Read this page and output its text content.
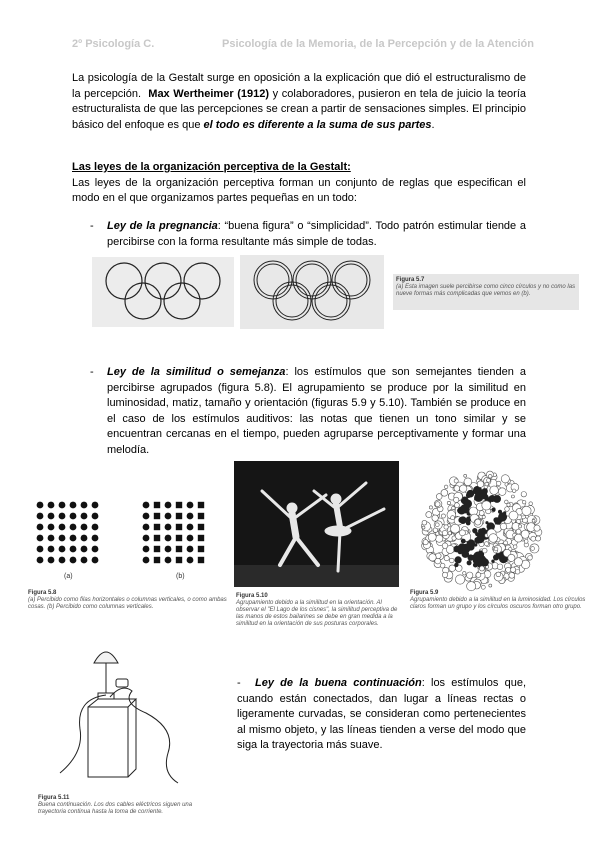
2º Psicología C.	Psicología de la Memoria, de la Percepción y de la Atención
La psicología de la Gestalt surge en oposición a la explicación que dió el estructuralismo de la percepción. Max Wertheimer (1912) y colaboradores, pusieron en tela de juicio la teoría estructuralista de que las percepciones se crean a partir de sensaciones simples. El principio básico del enfoque es que el todo es diferente a la suma de sus partes.
Las leyes de la organización perceptiva de la Gestalt:
Las leyes de la organización perceptiva forman un conjunto de reglas que especifican el modo en el que organizamos partes pequeñas en un todo:
- Ley de la pregnancia: “buena figura” o “simplicidad”. Todo patrón estimular tiende a percibirse con la forma resultante más simple de todas.
Figura 5.7
(a) Esta imagen suele percibirse como cinco círculos y no como las nueve formas más complicadas que vemos en (b).
- Ley de la similitud o semejanza: los estímulos que son semejantes tienden a percibirse agrupados (figura 5.8). El agrupamiento se produce por la similitud en luminosidad, matiz, tamaño y orientación (figuras 5.9 y 5.10). También se produce en el caso de los estímulos auditivos: las notas que tienen un tono similar y se encuentran cercanas en el tiempo, pueden agruparse perceptivamente y formar una melodía.
(a)	(b)
Figura 5.8
(a) Percibido como filas horizontales o columnas verticales, o como ambas cosas. (b) Percibido como columnas verticales.
Figura 5.10
Agrupamiento debido a la similitud en la orientación. Al observar el "El Lago de los cisnes", la similitud perceptiva de las manos de estos bailarines se debe en gran medida a la similitud en la orientación de sus posturas corporales.
Figura 5.9
Agrupamiento debido a la similitud en la luminosidad. Los círculos claros forman un grupo y los círculos oscuros forman otro grupo.
Figura 5.11
Buena continuación. Los dos cables eléctricos siguen una trayectoria continua hasta la toma de corriente.
-	Ley de la buena continuación: los estímulos que, cuando están conectados, dan lugar a líneas rectas o ligeramente curvadas, se consideran como pertenecientes al mismo objeto, y las líneas tienden a verse del modo que siga la trayectoria más suave.
